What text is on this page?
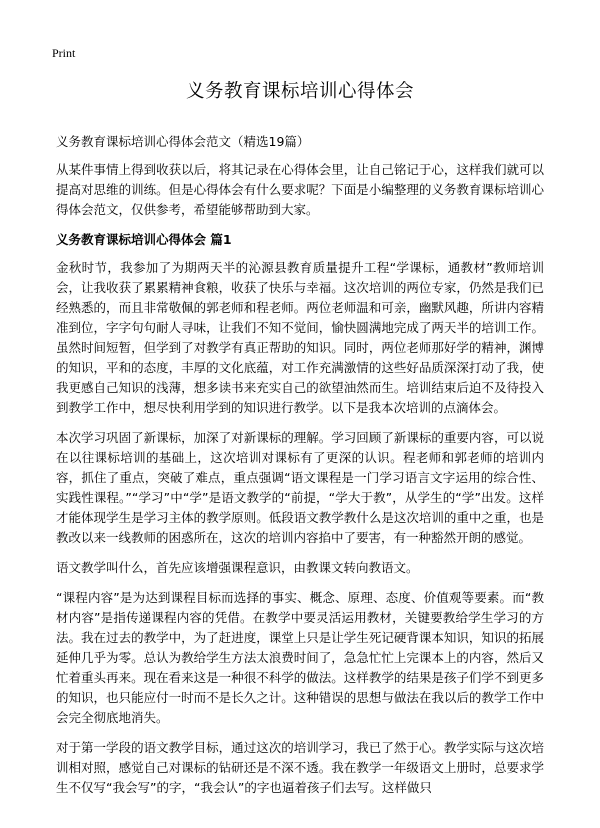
Print
义务教育课标培训心得体会
义务教育课标培训心得体会范文（精选19篇）

从某件事情上得到收获以后，将其记录在心得体会里，让自己铭记于心，这样我们就可以提高对思维的训练。但是心得体会有什么要求呢？下面是小编整理的义务教育课标培训心得体会范文，仅供参考，希望能够帮助到大家。

义务教育课标培训心得体会 篇1

金秋时节，我参加了为期两天半的沁源县教育质量提升工程“学课标，通教材”教师培训会，让我收获了累累精神食粮，收获了快乐与幸福。这次培训的两位专家，仍然是我们已经熟悉的，而且非常敬佩的郭老师和程老师。两位老师温和可亲，幽默风趣，所讲内容精准到位，字字句句耐人寻味，让我们不知不觉间，愉快圆满地完成了两天半的培训工作。虽然时间短暂，但学到了对教学有真正帮助的知识。同时，两位老师那好学的精神，渊博的知识，平和的态度，丰厚的文化底蕴，对工作充满激情的这些好品质深深打动了我，使我更感自己知识的浅薄，想多读书来充实自己的欲望油然而生。培训结束后迫不及待投入到教学工作中，想尽快利用学到的知识进行教学。以下是我本次培训的点滴体会。

本次学习巩固了新课标，加深了对新课标的理解。学习回顾了新课标的重要内容，可以说在以往课标培训的基础上，这次培训对课标有了更深的认识。程老师和郭老师的培训内容，抓住了重点，突破了难点，重点强调“语文课程是一门学习语言文字运用的综合性、实践性课程。”“学习”中“学”是语文教学的“前提，“学大于教”，从学生的“学”出发。这样才能体现学生是学习主体的教学原则。低段语文教学教什么是这次培训的重中之重，也是教改以来一线教师的困惑所在，这次的培训内容掐中了要害，有一种豁然开朗的感觉。

语文教学叫什么，首先应该增强课程意识，由教课文转向教语文。

“课程内容”是为达到课程目标而选择的事实、概念、原理、态度、价值观等要素。而“教材内容”是指传递课程内容的凭借。在教学中要灵活运用教材，关键要教给学生学习的方法。我在过去的教学中，为了赶进度，课堂上只是让学生死记硬背课本知识，知识的拓展延伸几乎为零。总认为教给学生方法太浪费时间了，急急忙忙上完课本上的内容，然后又忙着重头再来。现在看来这是一种很不科学的做法。这样教学的结果是孩子们学不到更多的知识，也只能应付一时而不是长久之计。这种错误的思想与做法在我以后的教学工作中会完全彻底地消失。

对于第一学段的语文教学目标，通过这次的培训学习，我已了然于心。教学实际与这次培训相对照，感觉自己对课标的钻研还是不深不透。我在教学一年级语文上册时，总要求学生不仅写“我会写”的字，“我会认”的字也逼着孩子们去写。这样做只
